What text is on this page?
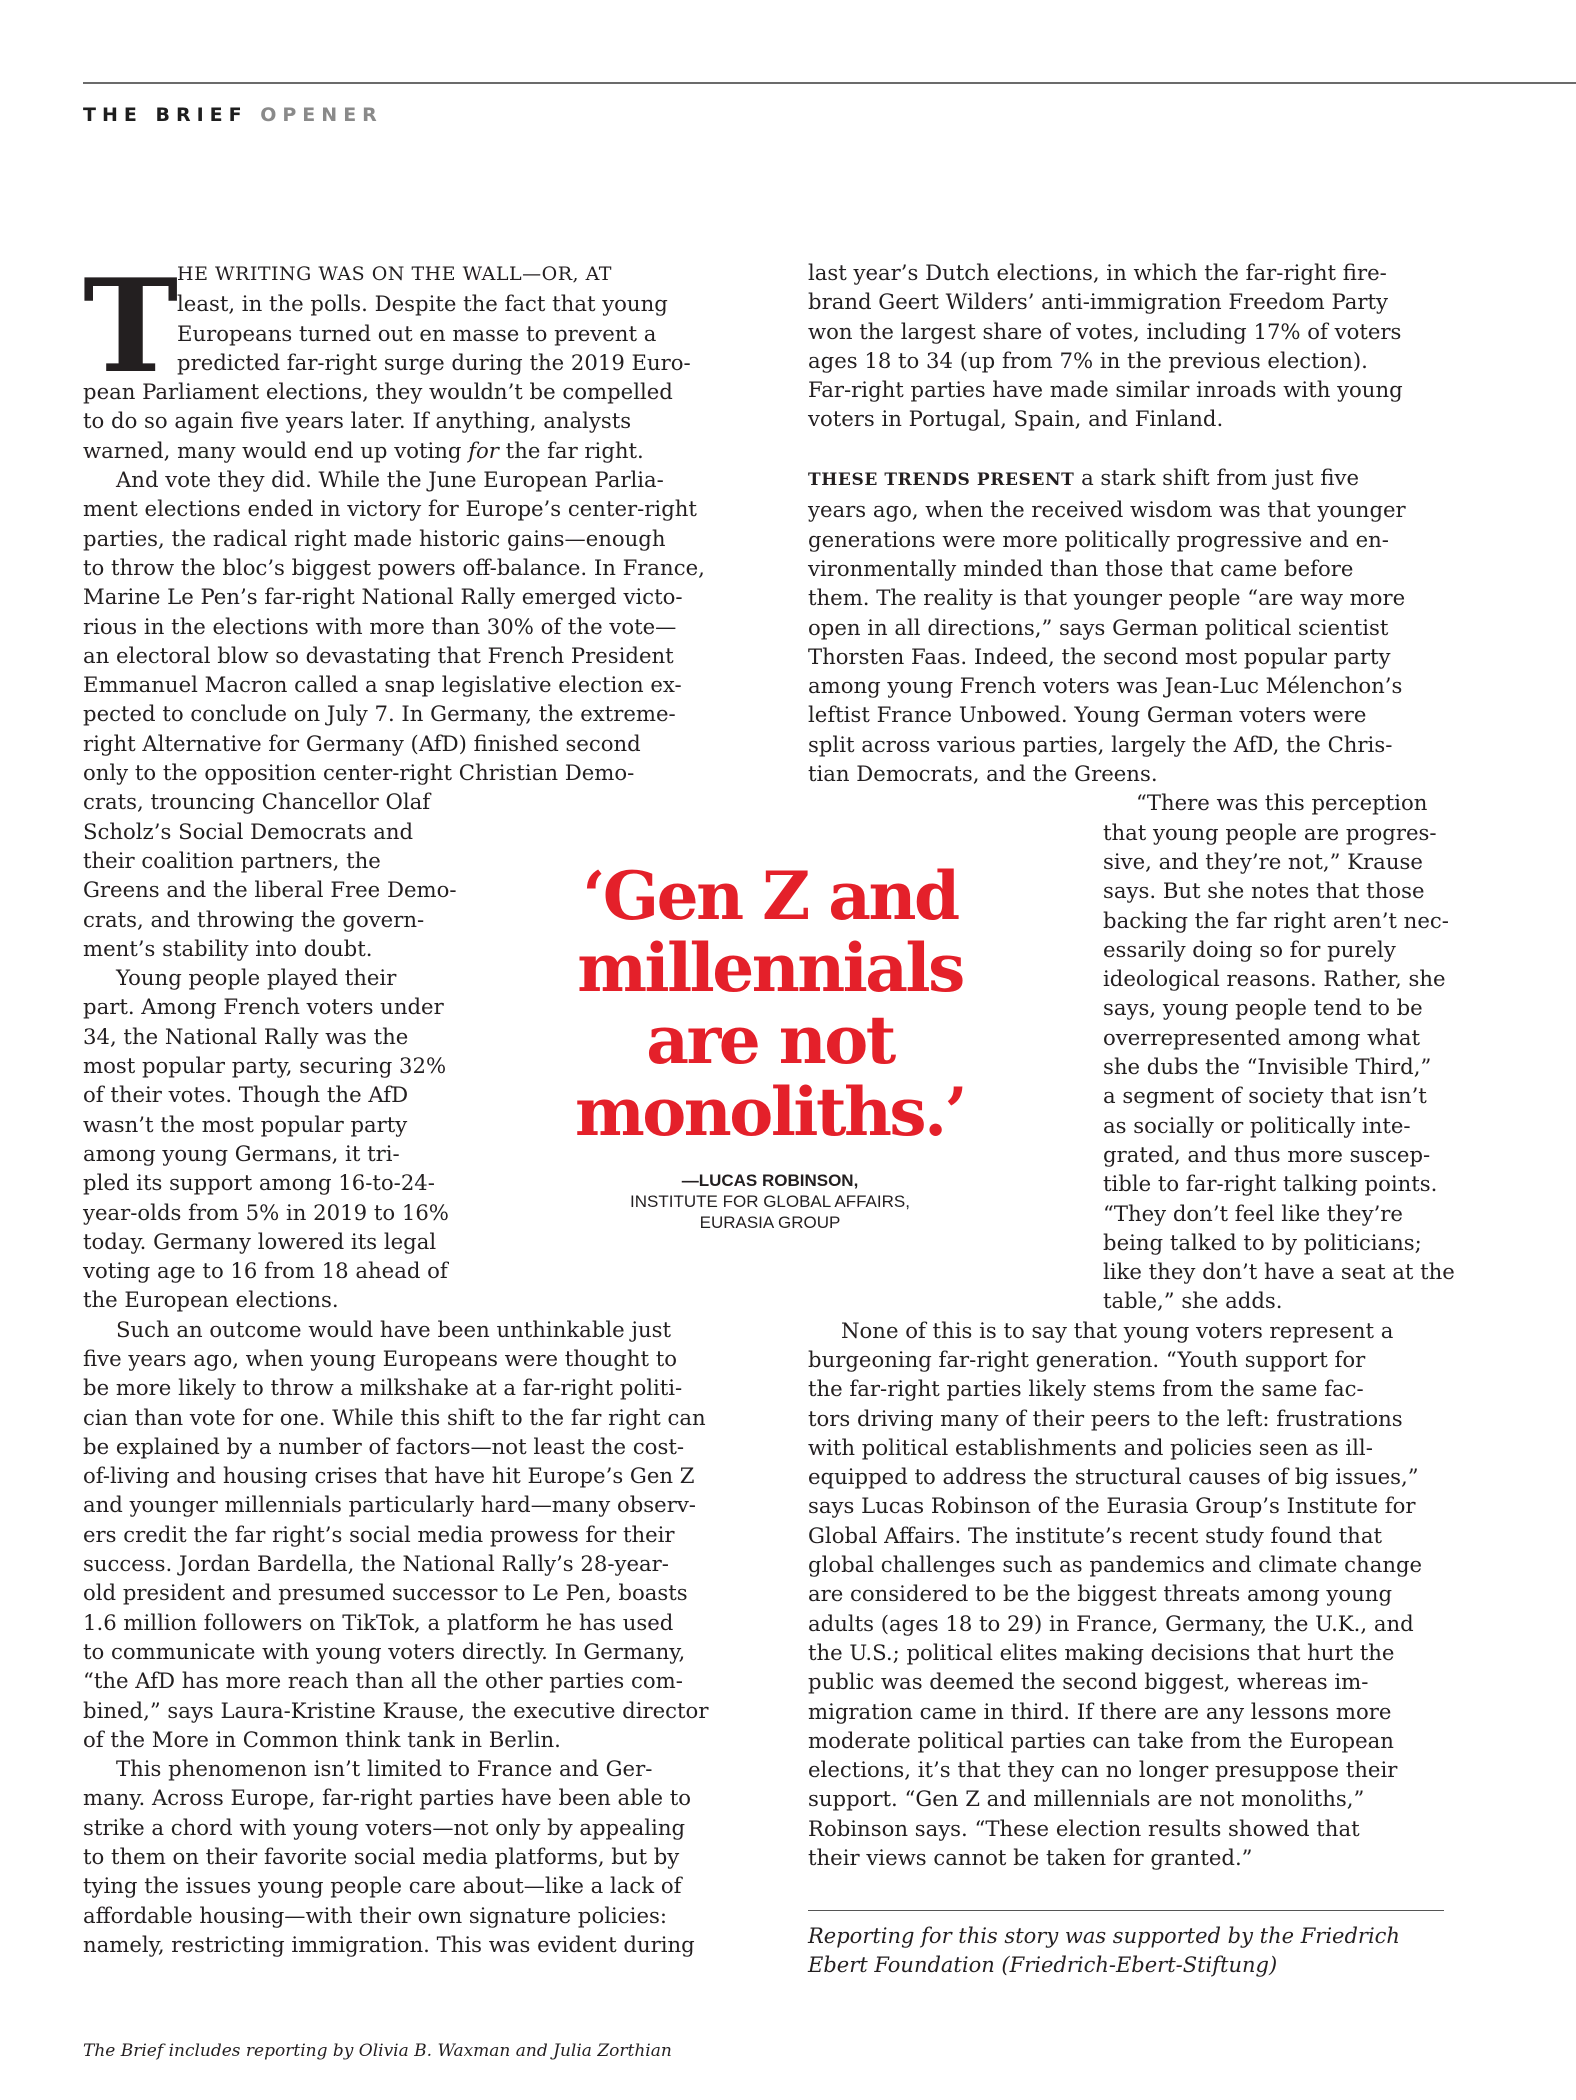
THE BRIEF OPENER
T
HE WRITING WAS ON THE WALL—OR, AT
least, in the polls. Despite the fact that young
Europeans turned out en masse to prevent a
predicted far-right surge during the 2019 Euro-
pean Parliament elections, they wouldn’t be compelled
to do so again five years later. If anything, analysts
warned, many would end up voting for the far right.
And vote they did. While the June European Parlia-
ment elections ended in victory for Europe’s center-right
parties, the radical right made historic gains—enough
to throw the bloc’s biggest powers off-balance. In France,
Marine Le Pen’s far-right National Rally emerged victo-
rious in the elections with more than 30% of the vote—
an electoral blow so devastating that French President
Emmanuel Macron called a snap legislative election ex-
pected to conclude on July 7. In Germany, the extreme-
right Alternative for Germany (AfD) finished second
only to the opposition center-right Christian Demo-
crats, trouncing Chancellor Olaf
Scholz’s Social Democrats and
their coalition partners, the
Greens and the liberal Free Demo-
crats, and throwing the govern-
ment’s stability into doubt.
Young people played their
part. Among French voters under
34, the National Rally was the
most popular party, securing 32%
of their votes. Though the AfD
wasn’t the most popular party
among young Germans, it tri-
pled its support among 16-to-24-
year-olds from 5% in 2019 to 16%
today. Germany lowered its legal
voting age to 16 from 18 ahead of
the European elections.
Such an outcome would have been unthinkable just
five years ago, when young Europeans were thought to
be more likely to throw a milkshake at a far-right politi-
cian than vote for one. While this shift to the far right can
be explained by a number of factors—not least the cost-
of-living and housing crises that have hit Europe’s Gen Z
and younger millennials particularly hard—many observ-
ers credit the far right’s social media prowess for their
success. Jordan Bardella, the National Rally’s 28-year-
old president and presumed successor to Le Pen, boasts
1.6 million followers on TikTok, a platform he has used
to communicate with young voters directly. In Germany,
“the AfD has more reach than all the other parties com-
bined,” says Laura-Kristine Krause, the executive director
of the More in Common think tank in Berlin.
This phenomenon isn’t limited to France and Ger-
many. Across Europe, far-right parties have been able to
strike a chord with young voters—not only by appealing
to them on their favorite social media platforms, but by
tying the issues young people care about—like a lack of
affordable housing—with their own signature policies:
namely, restricting immigration. This was evident during
last year’s Dutch elections, in which the far-right fire-
brand Geert Wilders’ anti-immigration Freedom Party
won the largest share of votes, including 17% of voters
ages 18 to 34 (up from 7% in the previous election).
Far-right parties have made similar inroads with young
voters in Portugal, Spain, and Finland.

THESE TRENDS PRESENT a stark shift from just five
years ago, when the received wisdom was that younger
generations were more politically progressive and en-
vironmentally minded than those that came before
them. The reality is that younger people “are way more
open in all directions,” says German political scientist
Thorsten Faas. Indeed, the second most popular party
among young French voters was Jean-Luc Mélenchon’s
leftist France Unbowed. Young German voters were
split across various parties, largely the AfD, the Chris-
tian Democrats, and the Greens.
“There was this perception
that young people are progres-
sive, and they’re not,” Krause
says. But she notes that those
backing the far right aren’t nec-
essarily doing so for purely
ideological reasons. Rather, she
says, young people tend to be
overrepresented among what
she dubs the “Invisible Third,”
a segment of society that isn’t
as socially or politically inte-
grated, and thus more suscep-
tible to far-right talking points.
“They don’t feel like they’re
being talked to by politicians;
like they don’t have a seat at the
table,” she adds.
None of this is to say that young voters represent a
burgeoning far-right generation. “Youth support for
the far-right parties likely stems from the same fac-
tors driving many of their peers to the left: frustrations
with political establishments and policies seen as ill-
equipped to address the structural causes of big issues,”
says Lucas Robinson of the Eurasia Group’s Institute for
Global Affairs. The institute’s recent study found that
global challenges such as pandemics and climate change
are considered to be the biggest threats among young
adults (ages 18 to 29) in France, Germany, the U.K., and
the U.S.; political elites making decisions that hurt the
public was deemed the second biggest, whereas im-
migration came in third. If there are any lessons more
moderate political parties can take from the European
elections, it’s that they can no longer presuppose their
support. “Gen Z and millennials are not monoliths,”
Robinson says. “These election results showed that
their views cannot be taken for granted.”
‘Gen Z and
millennials
are not
monoliths.’
—LUCAS ROBINSON,
INSTITUTE FOR GLOBAL AFFAIRS,
EURASIA GROUP
Reporting for this story was supported by the Friedrich
Ebert Foundation (Friedrich-Ebert-Stiftung)
The Brief includes reporting by Olivia B. Waxman and Julia Zorthian
